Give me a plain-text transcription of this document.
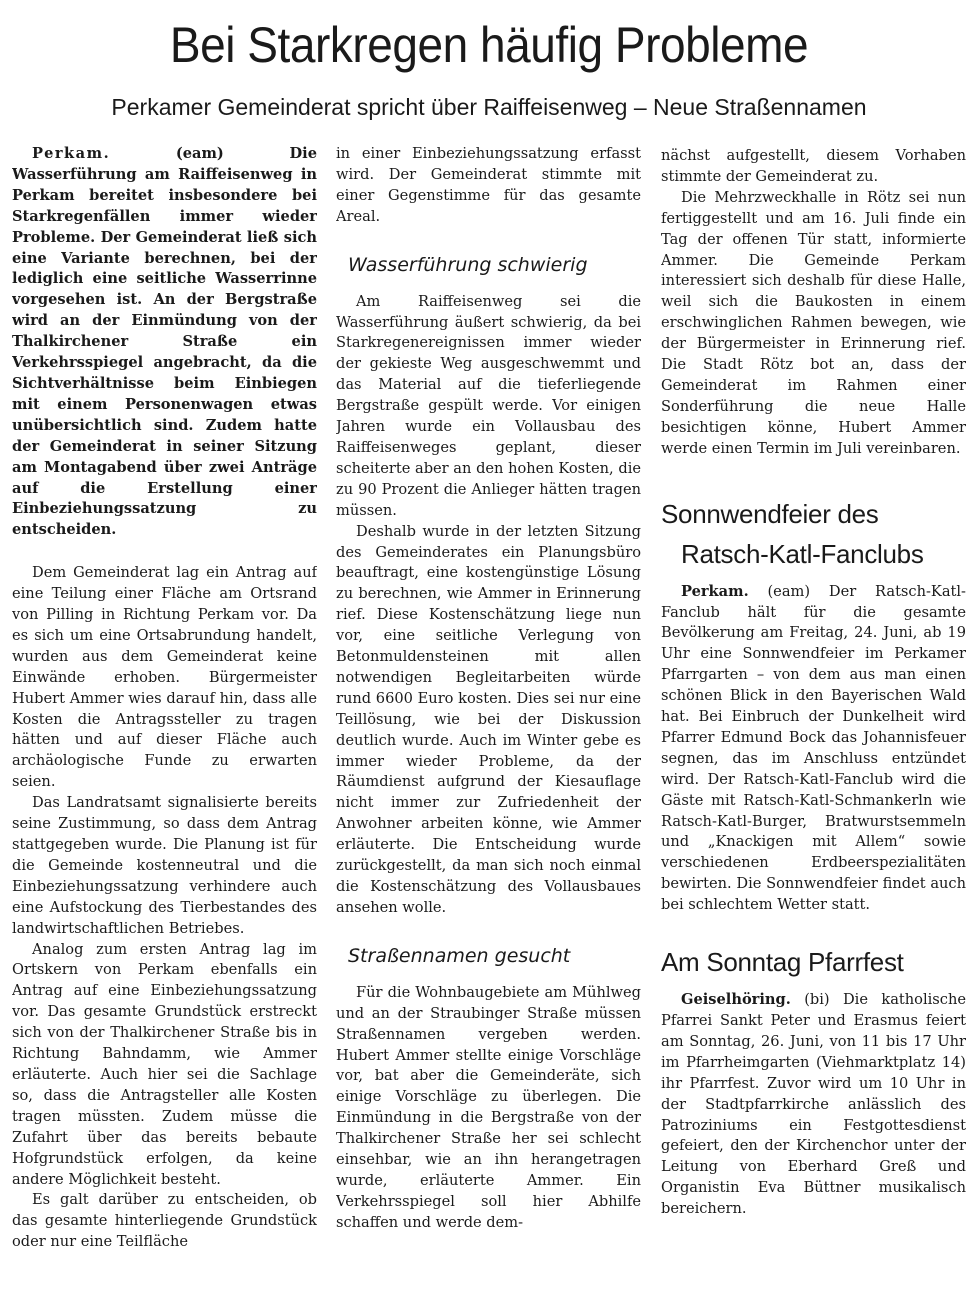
Bei Starkregen häufig Probleme
Perkamer Gemeinderat spricht über Raiffeisenweg – Neue Straßennamen

Perkam. (eam) Die Wasserführung am Raiffeisenweg in Perkam bereitet insbesondere bei Starkregenfällen immer wieder Probleme. Der Gemeinderat ließ sich eine Variante berechnen, bei der lediglich eine seitliche Wasserrinne vorgesehen ist. An der Bergstraße wird an der Einmündung von der Thalkirchener Straße ein Verkehrsspiegel angebracht, da die Sichtverhältnisse beim Einbiegen mit einem Personenwagen etwas unübersichtlich sind. Zudem hatte der Gemeinderat in seiner Sitzung am Montagabend über zwei Anträge auf die Erstellung einer Einbeziehungssatzung zu entscheiden.

Dem Gemeinderat lag ein Antrag auf eine Teilung einer Fläche am Ortsrand von Pilling in Richtung Perkam vor. Da es sich um eine Ortsabrundung handelt, wurden aus dem Gemeinderat keine Einwände erhoben. Bürgermeister Hubert Ammer wies darauf hin, dass alle Kosten die Antragssteller zu tragen hätten und auf dieser Fläche auch archäologische Funde zu erwarten seien.

Das Landratsamt signalisierte bereits seine Zustimmung, so dass dem Antrag stattgegeben wurde. Die Planung ist für die Gemeinde kostenneutral und die Einbeziehungssatzung verhindere auch eine Aufstockung des Tierbestandes des landwirtschaftlichen Betriebes.

Analog zum ersten Antrag lag im Ortskern von Perkam ebenfalls ein Antrag auf eine Einbeziehungssatzung vor. Das gesamte Grundstück erstreckt sich von der Thalkirchener Straße bis in Richtung Bahndamm, wie Ammer erläuterte. Auch hier sei die Sachlage so, dass die Antragsteller alle Kosten tragen müssten. Zudem müsse die Zufahrt über das bereits bebaute Hofgrundstück erfolgen, da keine andere Möglichkeit besteht.

Es galt darüber zu entscheiden, ob das gesamte hinterliegende Grundstück oder nur eine Teilfläche

in einer Einbeziehungssatzung erfasst wird. Der Gemeinderat stimmte mit einer Gegenstimme für das gesamte Areal.

Wasserführung schwierig

Am Raiffeisenweg sei die Wasserführung äußert schwierig, da bei Starkregenereignissen immer wieder der gekieste Weg ausgeschwemmt und das Material auf die tieferliegende Bergstraße gespült werde. Vor einigen Jahren wurde ein Vollausbau des Raiffeisenweges geplant, dieser scheiterte aber an den hohen Kosten, die zu 90 Prozent die Anlieger hätten tragen müssen.

Deshalb wurde in der letzten Sitzung des Gemeinderates ein Planungsbüro beauftragt, eine kostengünstige Lösung zu berechnen, wie Ammer in Erinnerung rief. Diese Kostenschätzung liege nun vor, eine seitliche Verlegung von Betonmuldensteinen mit allen notwendigen Begleitarbeiten würde rund 6600 Euro kosten. Dies sei nur eine Teillösung, wie bei der Diskussion deutlich wurde. Auch im Winter gebe es immer wieder Probleme, da der Räumdienst aufgrund der Kiesauflage nicht immer zur Zufriedenheit der Anwohner arbeiten könne, wie Ammer erläuterte. Die Entscheidung wurde zurückgestellt, da man sich noch einmal die Kostenschätzung des Vollausbaues ansehen wolle.

Straßennamen gesucht

Für die Wohnbaugebiete am Mühlweg und an der Straubinger Straße müssen Straßennamen vergeben werden. Hubert Ammer stellte einige Vorschläge vor, bat aber die Gemeinderäte, sich einige Vorschläge zu überlegen. Die Einmündung in die Bergstraße von der Thalkirchener Straße her sei schlecht einsehbar, wie an ihn herangetragen wurde, erläuterte Ammer. Ein Verkehrsspiegel soll hier Abhilfe schaffen und werde dem-

nächst aufgestellt, diesem Vorhaben stimmte der Gemeinderat zu.

Die Mehrzweckhalle in Rötz sei nun fertiggestellt und am 16. Juli finde ein Tag der offenen Tür statt, informierte Ammer. Die Gemeinde Perkam interessiert sich deshalb für diese Halle, weil sich die Baukosten in einem erschwinglichen Rahmen bewegen, wie der Bürgermeister in Erinnerung rief. Die Stadt Rötz bot an, dass der Gemeinderat im Rahmen einer Sonderführung die neue Halle besichtigen könne, Hubert Ammer werde einen Termin im Juli vereinbaren.

Sonnwendfeier des

Ratsch-Katl-Fanclubs

Perkam. (eam) Der Ratsch-Katl-Fanclub hält für die gesamte Bevölkerung am Freitag, 24. Juni, ab 19 Uhr eine Sonnwendfeier im Perkamer Pfarrgarten – von dem aus man einen schönen Blick in den Bayerischen Wald hat. Bei Einbruch der Dunkelheit wird Pfarrer Edmund Bock das Johannisfeuer segnen, das im Anschluss entzündet wird. Der Ratsch-Katl-Fanclub wird die Gäste mit Ratsch-Katl-Schmankerln wie Ratsch-Katl-Burger, Bratwurstsemmeln und „Knackigen mit Allem“ sowie verschiedenen Erdbeerspezialitäten bewirten. Die Sonnwendfeier findet auch bei schlechtem Wetter statt.

Am Sonntag Pfarrfest

Geiselhöring. (bi) Die katholische Pfarrei Sankt Peter und Erasmus feiert am Sonntag, 26. Juni, von 11 bis 17 Uhr im Pfarrheimgarten (Viehmarktplatz 14) ihr Pfarrfest. Zuvor wird um 10 Uhr in der Stadtpfarrkirche anlässlich des Patroziniums ein Festgottesdienst gefeiert, den der Kirchenchor unter der Leitung von Eberhard Greß und Organistin Eva Büttner musikalisch bereichern.
